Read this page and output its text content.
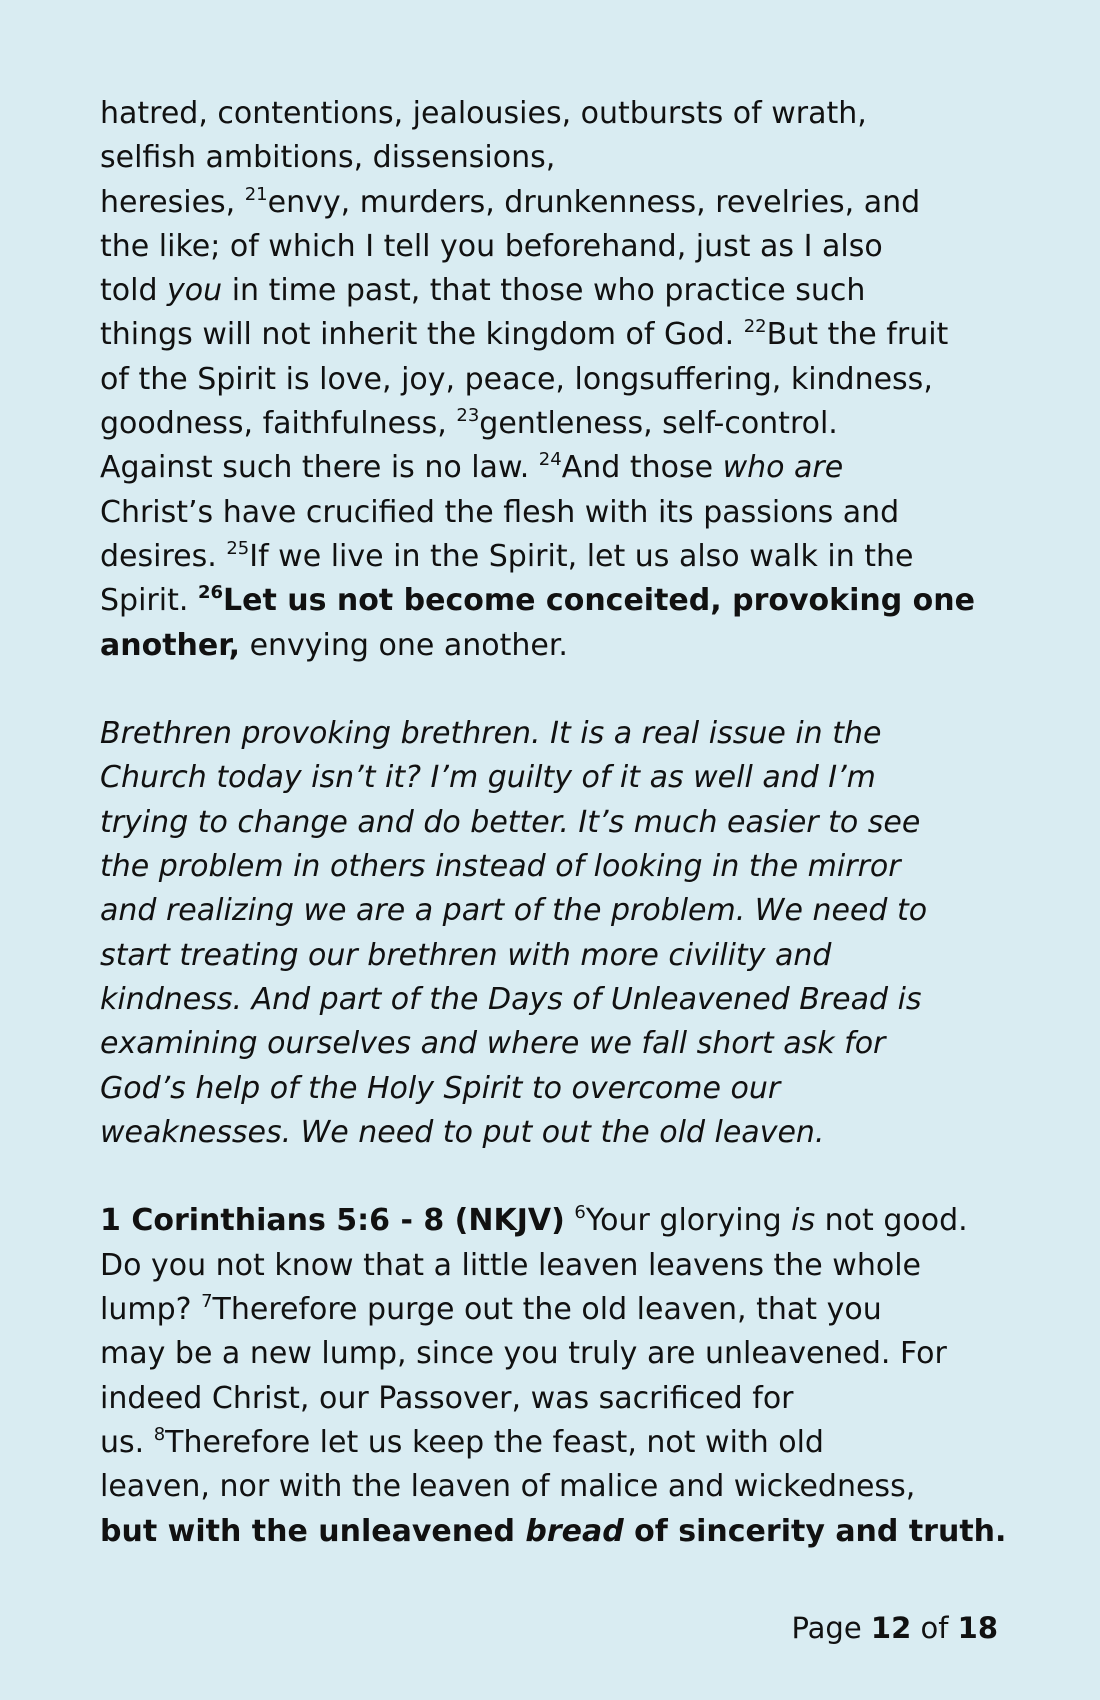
hatred, contentions, jealousies, outbursts of wrath,
selfish ambitions, dissensions,
heresies, $^{21}$envy, murders, drunkenness, revelries, and
the like; of which I tell you beforehand, just as I also
told you in time past, that those who practice such
things will not inherit the kingdom of God. $^{22}$But the fruit
of the Spirit is love, joy, peace, longsuffering, kindness,
goodness, faithfulness, $^{23}$gentleness, self-control.
Against such there is no law. $^{24}$And those who are
Christ’s have crucified the flesh with its passions and
desires. $^{25}$If we live in the Spirit, let us also walk in the
Spirit. $^{26}$Let us not become conceited, provoking one
another, envying one another.
Brethren provoking brethren. It is a real issue in the
Church today isn’t it? I’m guilty of it as well and I’m
trying to change and do better. It’s much easier to see
the problem in others instead of looking in the mirror
and realizing we are a part of the problem. We need to
start treating our brethren with more civility and
kindness. And part of the Days of Unleavened Bread is
examining ourselves and where we fall short ask for
God’s help of the Holy Spirit to overcome our
weaknesses. We need to put out the old leaven.
1 Corinthians 5:6 - 8 (NKJV) $^6$Your glorying is not good.
Do you not know that a little leaven leavens the whole
lump? $^7$Therefore purge out the old leaven, that you
may be a new lump, since you truly are unleavened. For
indeed Christ, our Passover, was sacrificed for
us. $^8$Therefore let us keep the feast, not with old
leaven, nor with the leaven of malice and wickedness,
but with the unleavened bread of sincerity and truth.
Page 12 of 18
